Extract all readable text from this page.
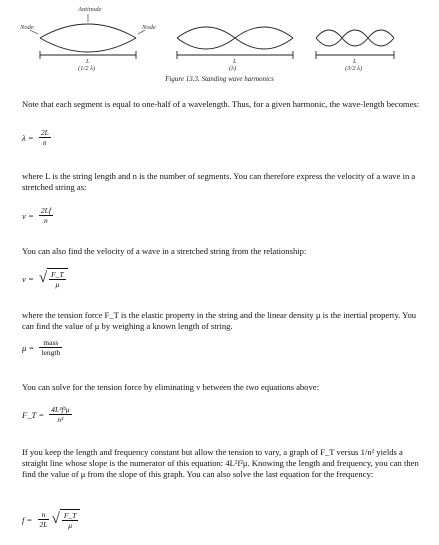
Antinode
Node	Node
L
(1/2 λ)
L
(λ)
L
(3/2 λ)
Figure 13.3. Standing wave harmonics
Note that each segment is equal to one-half of a wavelength. Thus, for a given harmonic, the wave-length becomes:
$\lambda = \frac{2L}{n}$
where L is the string length and n is the number of segments. You can therefore express the velocity of a wave in a stretched string as:
$v = \frac{2Lf}{n}$
You can also find the velocity of a wave in a stretched string from the relationship:
v = √ $\frac{F\_T}{\mu}$
where the tension force F_T is the elastic property in the string and the linear density μ is the inertial property. You can find the value of μ by weighing a known length of string.
$\mu = \frac{\text{mass}}{\text{length}}$
You can solve for the tension force by eliminating v between the two equations above:
F_T = $\frac{\text{4L²f²μ}}{\text{n²}}$
If you keep the length and frequency constant but allow the tension to vary, a graph of F_T versus 1/n² yields a straight line whose slope is the numerator of this equation: 4L²f²μ. Knowing the length and frequency, you can then find the value of μ from the slope of this graph. You can also solve the last equation for the frequency:
$f = \frac{n}{2L}$
√ $\frac{F\_T}{\mu}$
